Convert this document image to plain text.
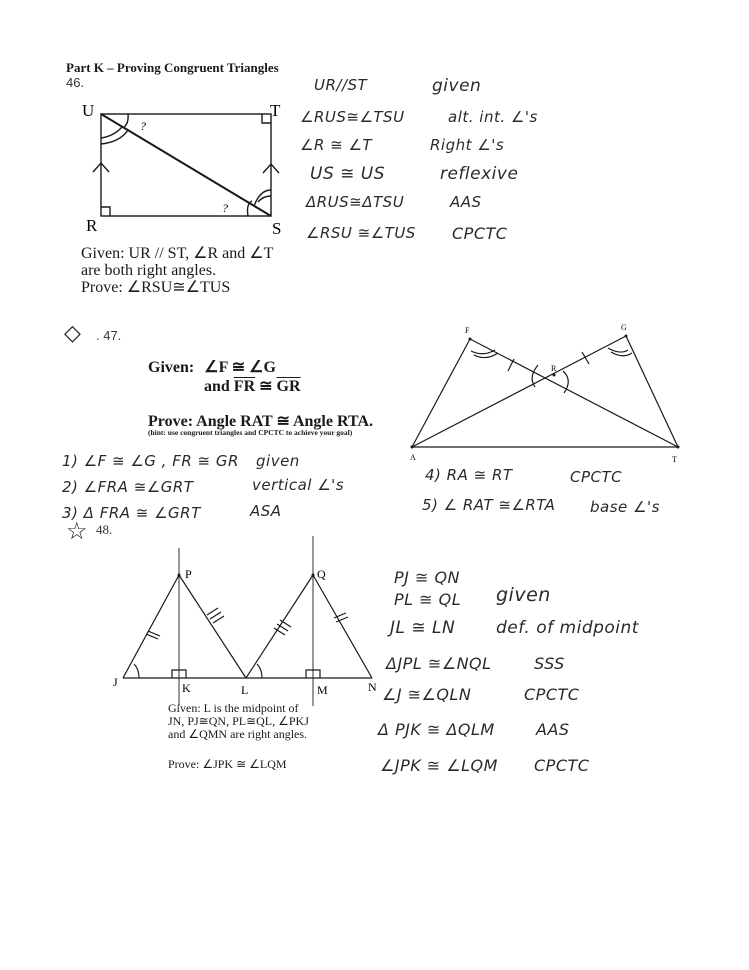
Part K – Proving Congruent Triangles
46.
U	T
R	S
?
?
Given: UR // ST, ∠R and ∠T
are both right angles.
Prove: ∠RSU≅∠TUS
UR//ST	given
∠RUS≅∠TSU	alt. int. ∠'s
∠R ≅ ∠T	Right ∠'s
US ≅ US	reflexive
ΔRUS≅ΔTSU	AAS
∠RSU ≅∠TUS CPCTC
◇ . 47.
Given: ∠F ≅ ∠G
and $\overline{FR}$ ≅ $\overline{GR}$
Prove: Angle RAT ≅ Angle RTA.
(hint: use congruent triangles and CPCTC to achieve your goal)
F	G
R
A	T
1) ∠F ≅ ∠G , FR ≅ GR given
2) ∠FRA ≅∠GRT	vertical ∠'s
3) Δ FRA ≅ ∠GRT	ASA
4) RA ≅ RT	CPCTC
5) ∠ RAT ≅∠RTA base ∠'s
☆ 48.
P	Q
J	K	L	M	N
Given: L is the midpoint of
JN, PJ≅QN, PL≅QL, ∠PKJ
and ∠QMN are right angles.
Prove: ∠JPK ≅ ∠LQM
PJ ≅ QN
PL ≅ QL given
JL ≅ LN def. of midpoint
ΔJPL ≅∠NQL	SSS
∠J ≅∠QLN	CPCTC
Δ PJK ≅ ΔQLM	AAS
∠JPK ≅ ∠LQM CPCTC
